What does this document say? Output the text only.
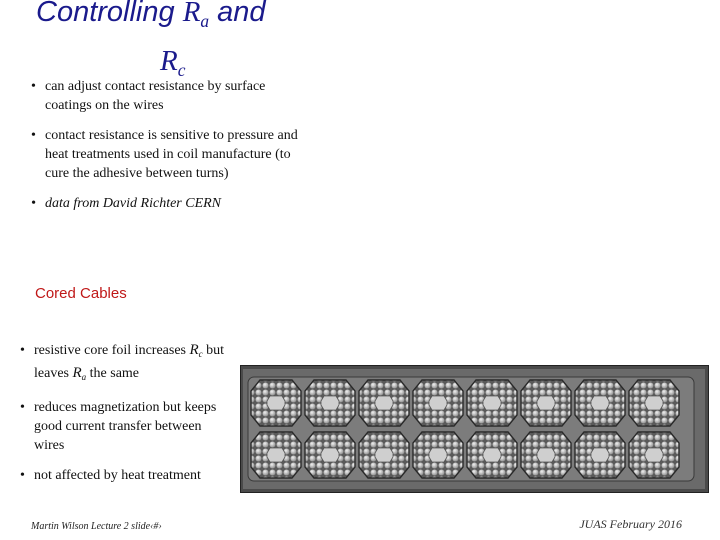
Controlling $R_a$ and
$R_c$
• can adjust contact resistance by surface coatings on the wires
• contact resistance is sensitive to pressure and heat treatments used in coil manufacture (to cure the adhesive between turns)
• data from David Richter CERN
Cored Cables
• resistive core foil increases $R_c$ but leaves $R_a$ the same
• reduces magnetization but keeps good current transfer between wires
• not affected by heat treatment
Martin Wilson Lecture 2 slide‹#›	JUAS February 2016
